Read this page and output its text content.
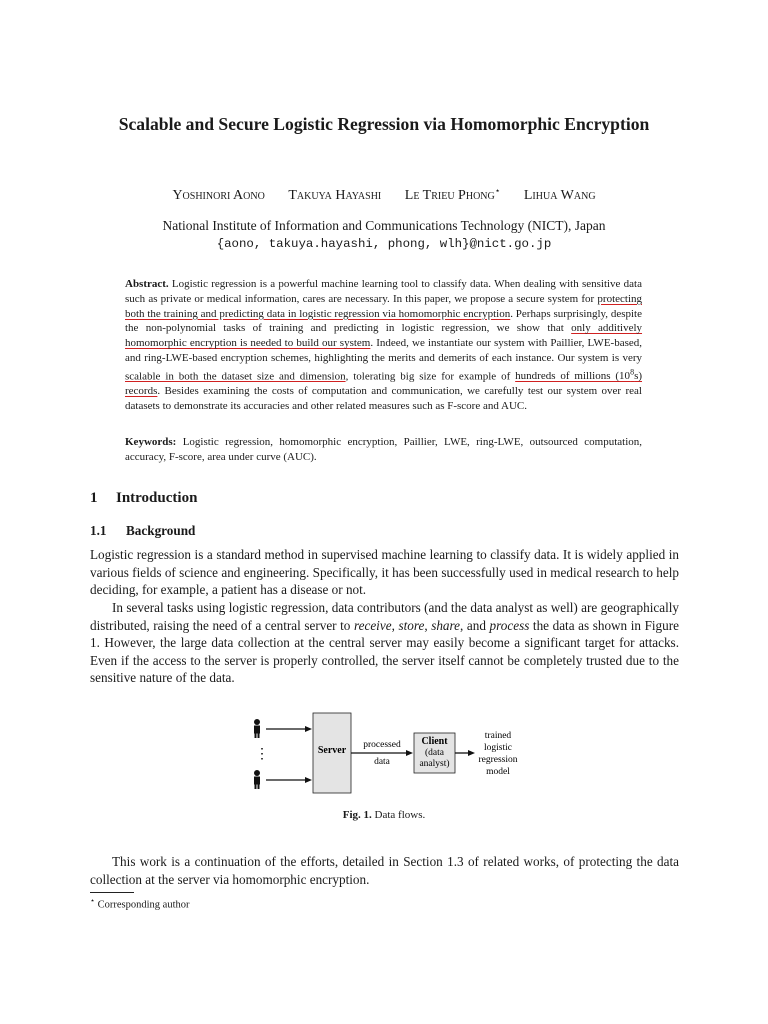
Scalable and Secure Logistic Regression via Homomorphic Encryption
Yoshinori Aono Takuya Hayashi Le Trieu Phong⋆ Lihua Wang
National Institute of Information and Communications Technology (NICT), Japan
{aono, takuya.hayashi, phong, wlh}@nict.go.jp
Abstract. Logistic regression is a powerful machine learning tool to classify data. When dealing with sensitive data such as private or medical information, cares are necessary. In this paper, we propose a secure system for protecting both the training and predicting data in logistic regression via homomorphic encryption. Perhaps surprisingly, despite the non-polynomial tasks of training and predicting in logistic regression, we show that only additively homomorphic encryption is needed to build our system. Indeed, we instantiate our system with Paillier, LWE-based, and ring-LWE-based encryption schemes, highlighting the merits and demerits of each instance. Our system is very scalable in both the dataset size and dimension, tolerating big size for example of hundreds of millions $(10^8s)$ records. Besides examining the costs of computation and communication, we carefully test our system over real datasets to demonstrate its accuracies and other related measures such as F-score and AUC.
Keywords: Logistic regression, homomorphic encryption, Paillier, LWE, ring-LWE, outsourced computation, accuracy, F-score, area under curve (AUC).
1 Introduction
1.1 Background
Logistic regression is a standard method in supervised machine learning to classify data. It is widely applied in various fields of science and engineering. Specifically, it has been successfully used in medical research to help deciding, for example, a patient has a disease or not.
In several tasks using logistic regression, data contributors (and the data analyst as well) are geographically distributed, raising the need of a central server to receive, store, share, and process the data as shown in Figure 1. However, the large data collection at the central server may easily become a significant target for attacks. Even if the access to the server is properly controlled, the server itself cannot be completely trusted due to the sensitive nature of the data.
⋮	Server processed
data
Client
(data
analyst)
trained
logistic
regression
model
Fig. 1. Data flows.
This work is a continuation of the efforts, detailed in Section 1.3 of related works, of protecting the data collection at the server via homomorphic encryption.
⋆ Corresponding author
